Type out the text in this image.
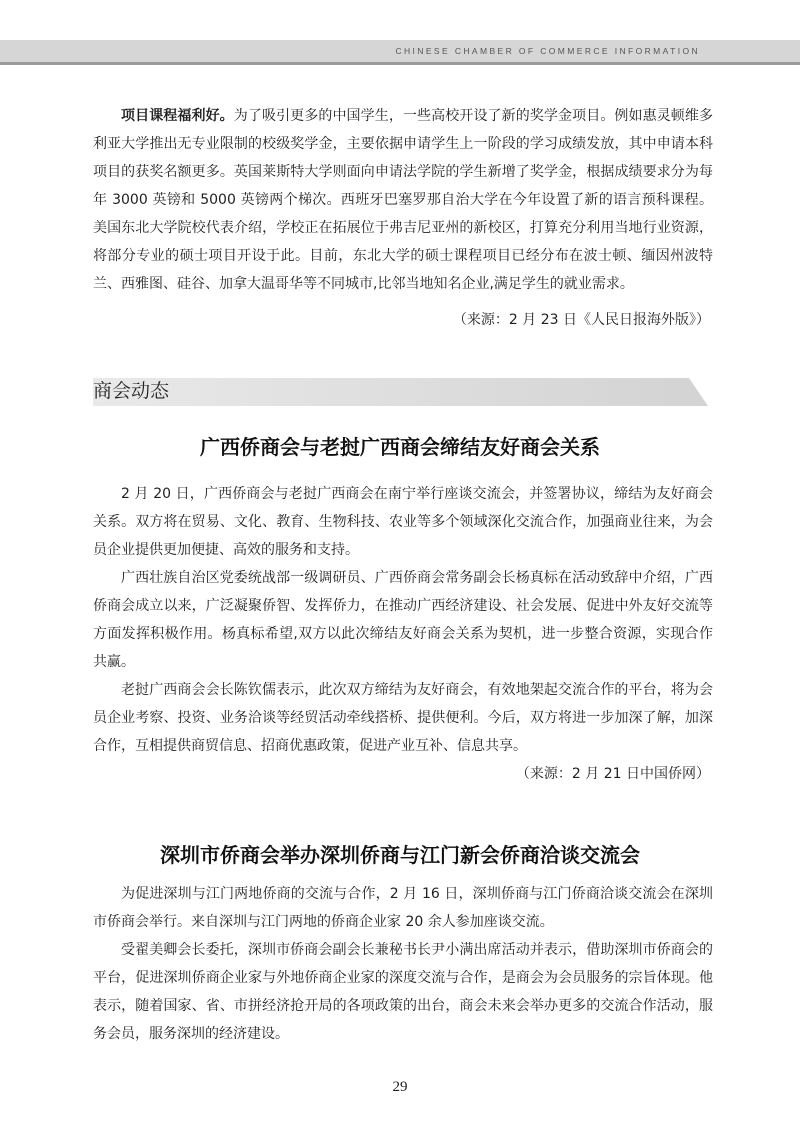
CHINESE CHAMBER OF COMMERCE INFORMATION

项目课程福利好。为了吸引更多的中国学生，一些高校开设了新的奖学金项目。例如惠灵顿维多利亚大学推出无专业限制的校级奖学金，主要依据申请学生上一阶段的学习成绩发放，其中申请本科项目的获奖名额更多。英国莱斯特大学则面向申请法学院的学生新增了奖学金，根据成绩要求分为每年 3000 英镑和 5000 英镑两个梯次。西班牙巴塞罗那自治大学在今年设置了新的语言预科课程。美国东北大学院校代表介绍，学校正在拓展位于弗吉尼亚州的新校区，打算充分利用当地行业资源，将部分专业的硕士项目开设于此。目前，东北大学的硕士课程项目已经分布在波士顿、缅因州波特兰、西雅图、硅谷、加拿大温哥华等不同城市,比邻当地知名企业,满足学生的就业需求。

（来源：2 月 23 日《人民日报海外版》）
商会动态
广西侨商会与老挝广西商会缔结友好商会关系

2 月 20 日，广西侨商会与老挝广西商会在南宁举行座谈交流会，并签署协议，缔结为友好商会关系。双方将在贸易、文化、教育、生物科技、农业等多个领域深化交流合作，加强商业往来，为会员企业提供更加便捷、高效的服务和支持。

广西壮族自治区党委统战部一级调研员、广西侨商会常务副会长杨真标在活动致辞中介绍，广西侨商会成立以来，广泛凝聚侨智、发挥侨力，在推动广西经济建设、社会发展、促进中外友好交流等方面发挥积极作用。杨真标希望,双方以此次缔结友好商会关系为契机，进一步整合资源，实现合作共赢。

老挝广西商会会长陈钦儒表示，此次双方缔结为友好商会，有效地架起交流合作的平台，将为会员企业考察、投资、业务洽谈等经贸活动牵线搭桥、提供便利。今后，双方将进一步加深了解，加深合作，互相提供商贸信息、招商优惠政策，促进产业互补、信息共享。

（来源：2 月 21 日中国侨网）
深圳市侨商会举办深圳侨商与江门新会侨商洽谈交流会

为促进深圳与江门两地侨商的交流与合作，2 月 16 日，深圳侨商与江门侨商洽谈交流会在深圳市侨商会举行。来自深圳与江门两地的侨商企业家 20 余人参加座谈交流。

受翟美卿会长委托，深圳市侨商会副会长兼秘书长尹小满出席活动并表示，借助深圳市侨商会的平台，促进深圳侨商企业家与外地侨商企业家的深度交流与合作，是商会为会员服务的宗旨体现。他表示，随着国家、省、市拼经济抢开局的各项政策的出台，商会未来会举办更多的交流合作活动，服务会员，服务深圳的经济建设。

29
